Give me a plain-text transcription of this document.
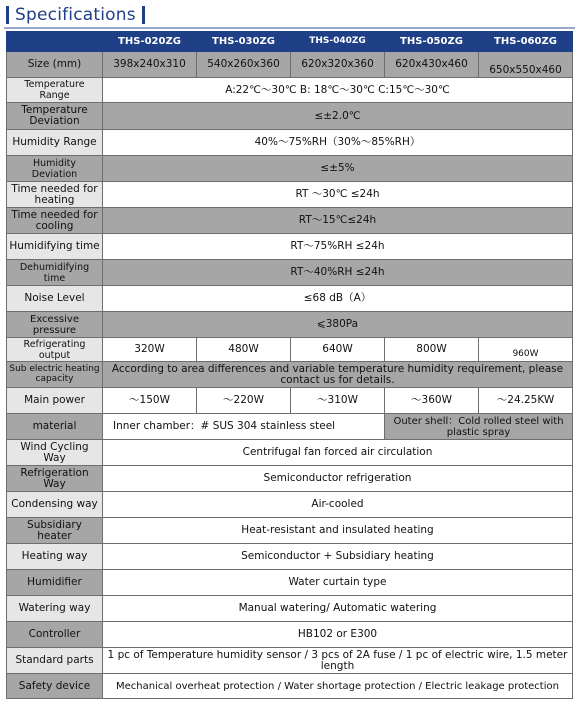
Specifications
	THS-020ZG	THS-030ZG	THS-040ZG	THS-050ZG	THS-060ZG
Size (mm)	398x240x310	540x260x360	620x320x360	620x430x460	650x550x460
Temperature Range	A:22℃～30℃ B: 18℃～30℃ C:15℃～30℃				
Temperature Deviation	≤±2.0℃				
Humidity Range	40%～75%RH（30%～85%RH）				
Humidity Deviation	≤±5%				
Time needed for heating	RT ～30℃ ≤24h				
Time needed for cooling	RT～15℃≤24h				
Humidifying time	RT～75%RH ≤24h				
Dehumidifying time	RT～40%RH ≤24h				
Noise Level	≤68 dB（A）				
Excessive pressure	⩽380Pa				
Refrigerating output	320W	480W	640W	800W	960W
Sub electric heating capacity	According to area differences and variable temperature humidity requirement, please contact us for details.				
Main power	～150W	～220W	～310W	～360W	～24.25KW
material	Inner chamber：# SUS 304 stainless steel			Outer shell：Cold rolled steel with plastic spray	
Wind Cycling Way	Centrifugal fan forced air circulation				
Refrigeration Way	Semiconductor refrigeration				
Condensing way	Air-cooled				
Subsidiary heater	Heat-resistant and insulated heating				
Heating way	Semiconductor + Subsidiary heating				
Humidifier	Water curtain type				
Watering way	Manual watering/ Automatic watering				
Controller	HB102 or E300				
Standard parts	1 pc of Temperature humidity sensor / 3 pcs of 2A fuse / 1 pc of electric wire, 1.5 meter length				
Safety device	Mechanical overheat protection / Water shortage protection / Electric leakage protection				
